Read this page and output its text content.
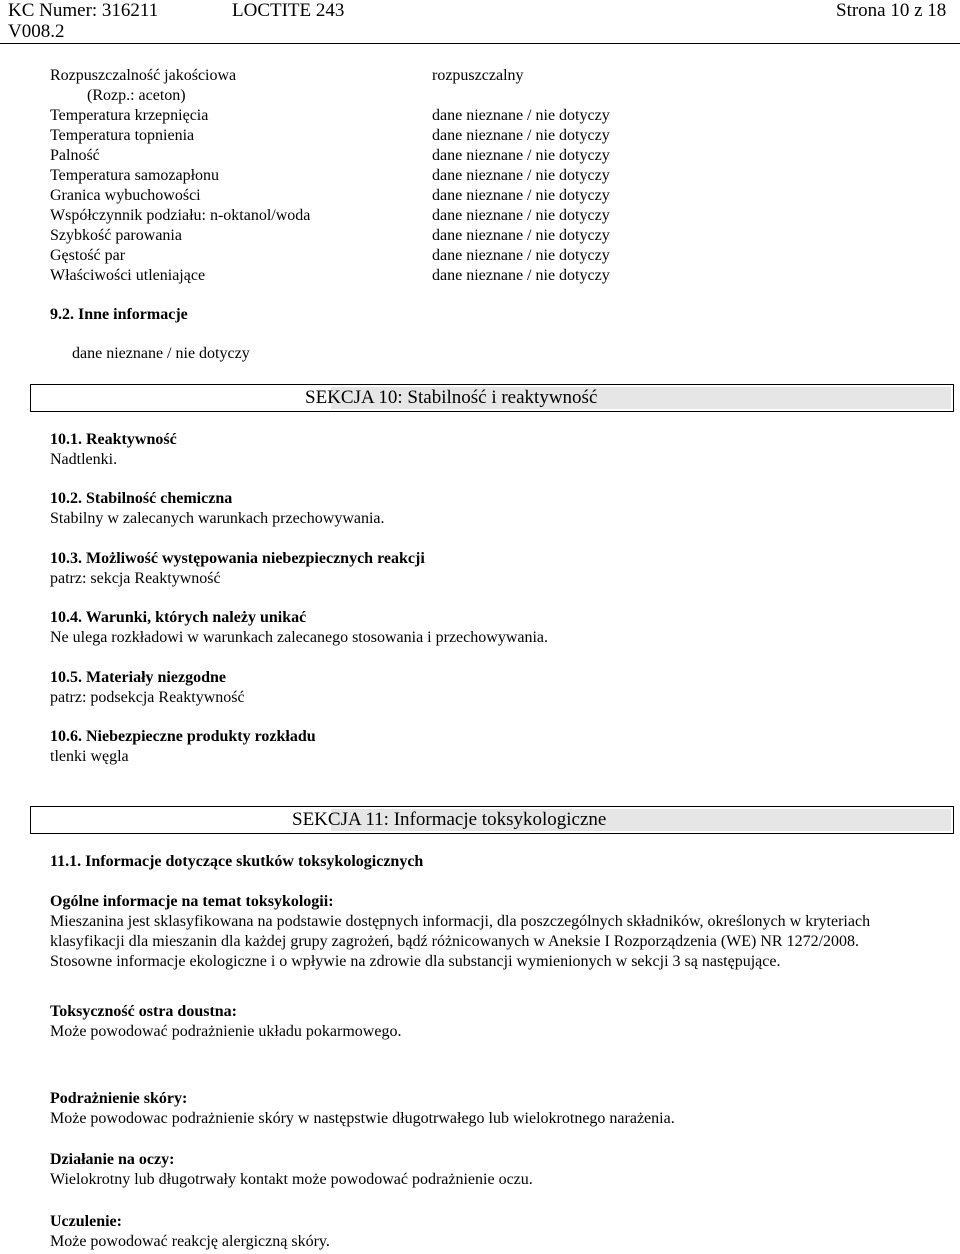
KC Numer: 316211	LOCTITE 243	Strona 10 z 18
V008.2
Rozpuszczalność jakościowa
(Rozp.: aceton)
Temperatura krzepnięcia
Temperatura topnienia
Palność
Temperatura samozapłonu
Granica wybuchowości
Współczynnik podziału: n-oktanol/woda
Szybkość parowania
Gęstość par
Właściwości utleniające
rozpuszczalny
dane nieznane / nie dotyczy
dane nieznane / nie dotyczy
dane nieznane / nie dotyczy
dane nieznane / nie dotyczy
dane nieznane / nie dotyczy
dane nieznane / nie dotyczy
dane nieznane / nie dotyczy
dane nieznane / nie dotyczy
dane nieznane / nie dotyczy
9.2. Inne informacje
dane nieznane / nie dotyczy
SEKCJA 10: Stabilność i reaktywność
10.1. Reaktywność
Nadtlenki.
10.2. Stabilność chemiczna
Stabilny w zalecanych warunkach przechowywania.
10.3. Możliwość występowania niebezpiecznych reakcji
patrz: sekcja Reaktywność
10.4. Warunki, których należy unikać
Ne ulega rozkładowi w warunkach zalecanego stosowania i przechowywania.
10.5. Materiały niezgodne
patrz: podsekcja Reaktywność
10.6. Niebezpieczne produkty rozkładu
tlenki węgla
SEKCJA 11: Informacje toksykologiczne
11.1. Informacje dotyczące skutków toksykologicznych
Ogólne informacje na temat toksykologii:
Mieszanina jest sklasyfikowana na podstawie dostępnych informacji, dla poszczególnych składników, określonych w kryteriach
klasyfikacji dla mieszanin dla każdej grupy zagrożeń, bądź różnicowanych w Aneksie I Rozporządzenia (WE) NR 1272/2008.
Stosowne informacje ekologiczne i o wpływie na zdrowie dla substancji wymienionych w sekcji 3 są następujące.
Toksyczność ostra doustna:
Może powodować podrażnienie układu pokarmowego.
Podrażnienie skóry:
Może powodowac podrażnienie skóry w następstwie długotrwałego lub wielokrotnego narażenia.
Działanie na oczy:
Wielokrotny lub długotrwały kontakt może powodować podrażnienie oczu.
Uczulenie:
Może powodować reakcję alergiczną skóry.
